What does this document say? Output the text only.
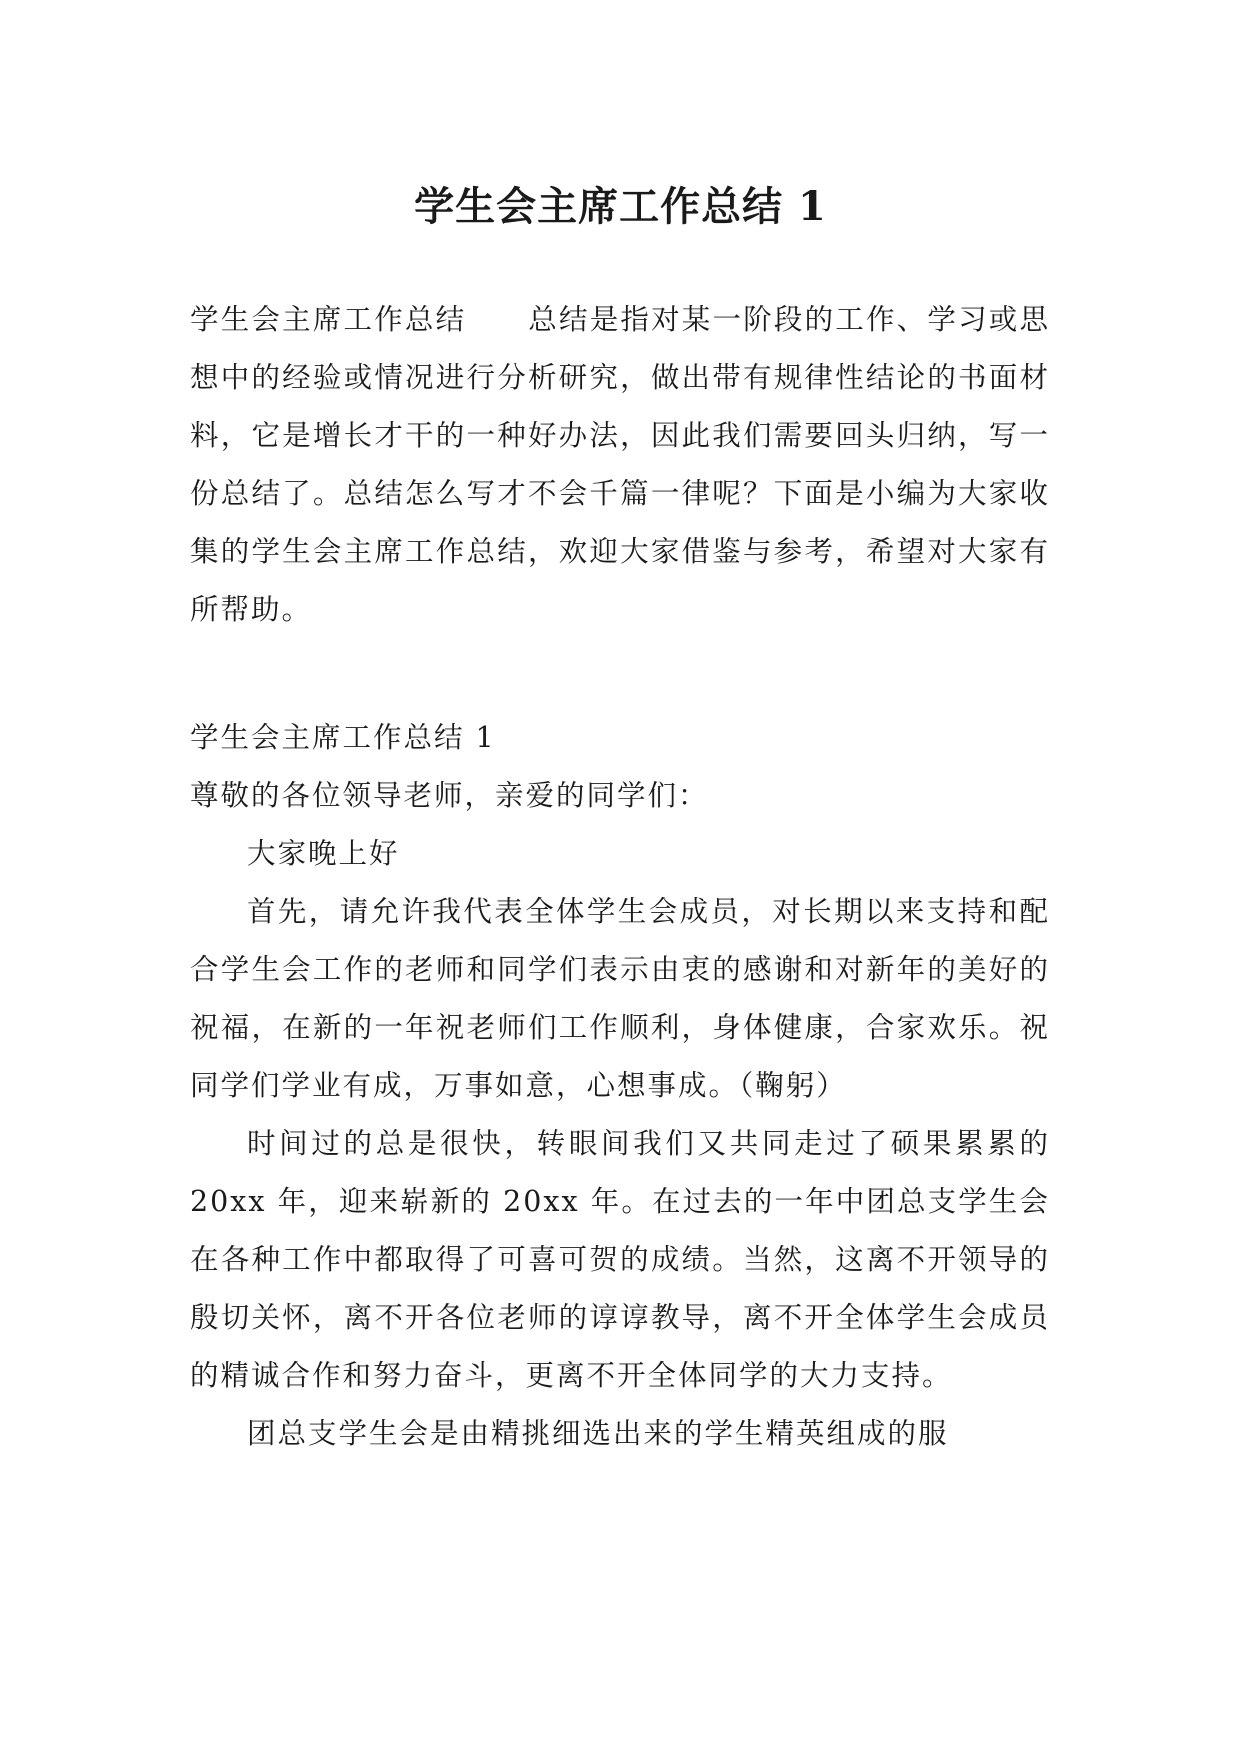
学生会主席工作总结 1

学生会主席工作总结 总结是指对某一阶段的工作、学习或思想中的经验或情况进行分析研究，做出带有规律性结论的书面材料，它是增长才干的一种好办法，因此我们需要回头归纳，写一份总结了。总结怎么写才不会千篇一律呢？下面是小编为大家收集的学生会主席工作总结，欢迎大家借鉴与参考，希望对大家有所帮助。

学生会主席工作总结 1

尊敬的各位领导老师，亲爱的同学们：

大家晚上好

首先，请允许我代表全体学生会成员，对长期以来支持和配合学生会工作的老师和同学们表示由衷的感谢和对新年的美好的祝福，在新的一年祝老师们工作顺利，身体健康，合家欢乐。祝同学们学业有成，万事如意，心想事成。（鞠躬）

时间过的总是很快，转眼间我们又共同走过了硕果累累的 20xx 年，迎来崭新的 20xx 年。在过去的一年中团总支学生会在各种工作中都取得了可喜可贺的成绩。当然，这离不开领导的殷切关怀，离不开各位老师的谆谆教导，离不开全体学生会成员的精诚合作和努力奋斗，更离不开全体同学的大力支持。

团总支学生会是由精挑细选出来的学生精英组成的服
